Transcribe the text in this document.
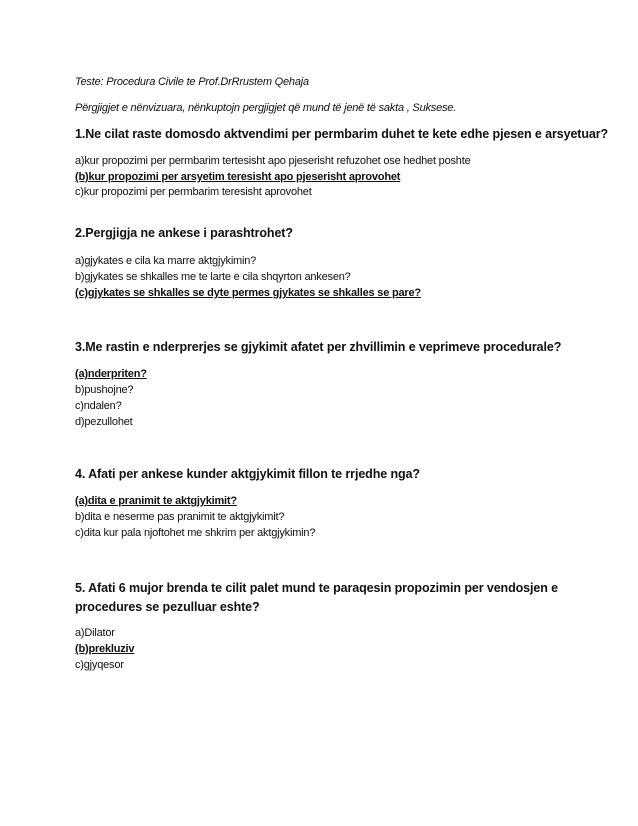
Teste: Procedura Civile te Prof.DrRrustem Qehaja
Përgjigjet e nënvizuara, nënkuptojn pergjigjet që mund të jenë të sakta , Suksese.
1.Ne cilat raste domosdo aktvendimi per permbarim duhet te kete edhe pjesen e arsyetuar?
a)kur propozimi per permbarim tertesisht apo pjeserisht refuzohet ose hedhet poshte
(b)kur propozimi per arsyetim teresisht apo pjeserisht aprovohet
c)kur propozimi per permbarim teresisht aprovohet
2.Pergjigja ne ankese i parashtrohet?
a)gjykates e cila ka marre aktgjykimin?
b)gjykates se shkalles me te larte e cila shqyrton ankesen?
(c)gjykates se shkalles se dyte permes gjykates se shkalles se pare?
3.Me rastin e nderprerjes se gjykimit afatet per zhvillimin e veprimeve procedurale?
(a)nderpriten?
b)pushojne?
c)ndalen?
d)pezullohet
4. Afati per ankese kunder aktgjykimit fillon te rrjedhe nga?
(a)dita e pranimit te aktgjykimit?
b)dita e neserme pas pranimit te aktgjykimit?
c)dita kur pala njoftohet me shkrim per aktgjykimin?
5. Afati 6 mujor brenda te cilit palet mund te paraqesin propozimin per vendosjen e
procedures se pezulluar eshte?
a)Dilator
(b)prekluziv
c)gjyqesor
